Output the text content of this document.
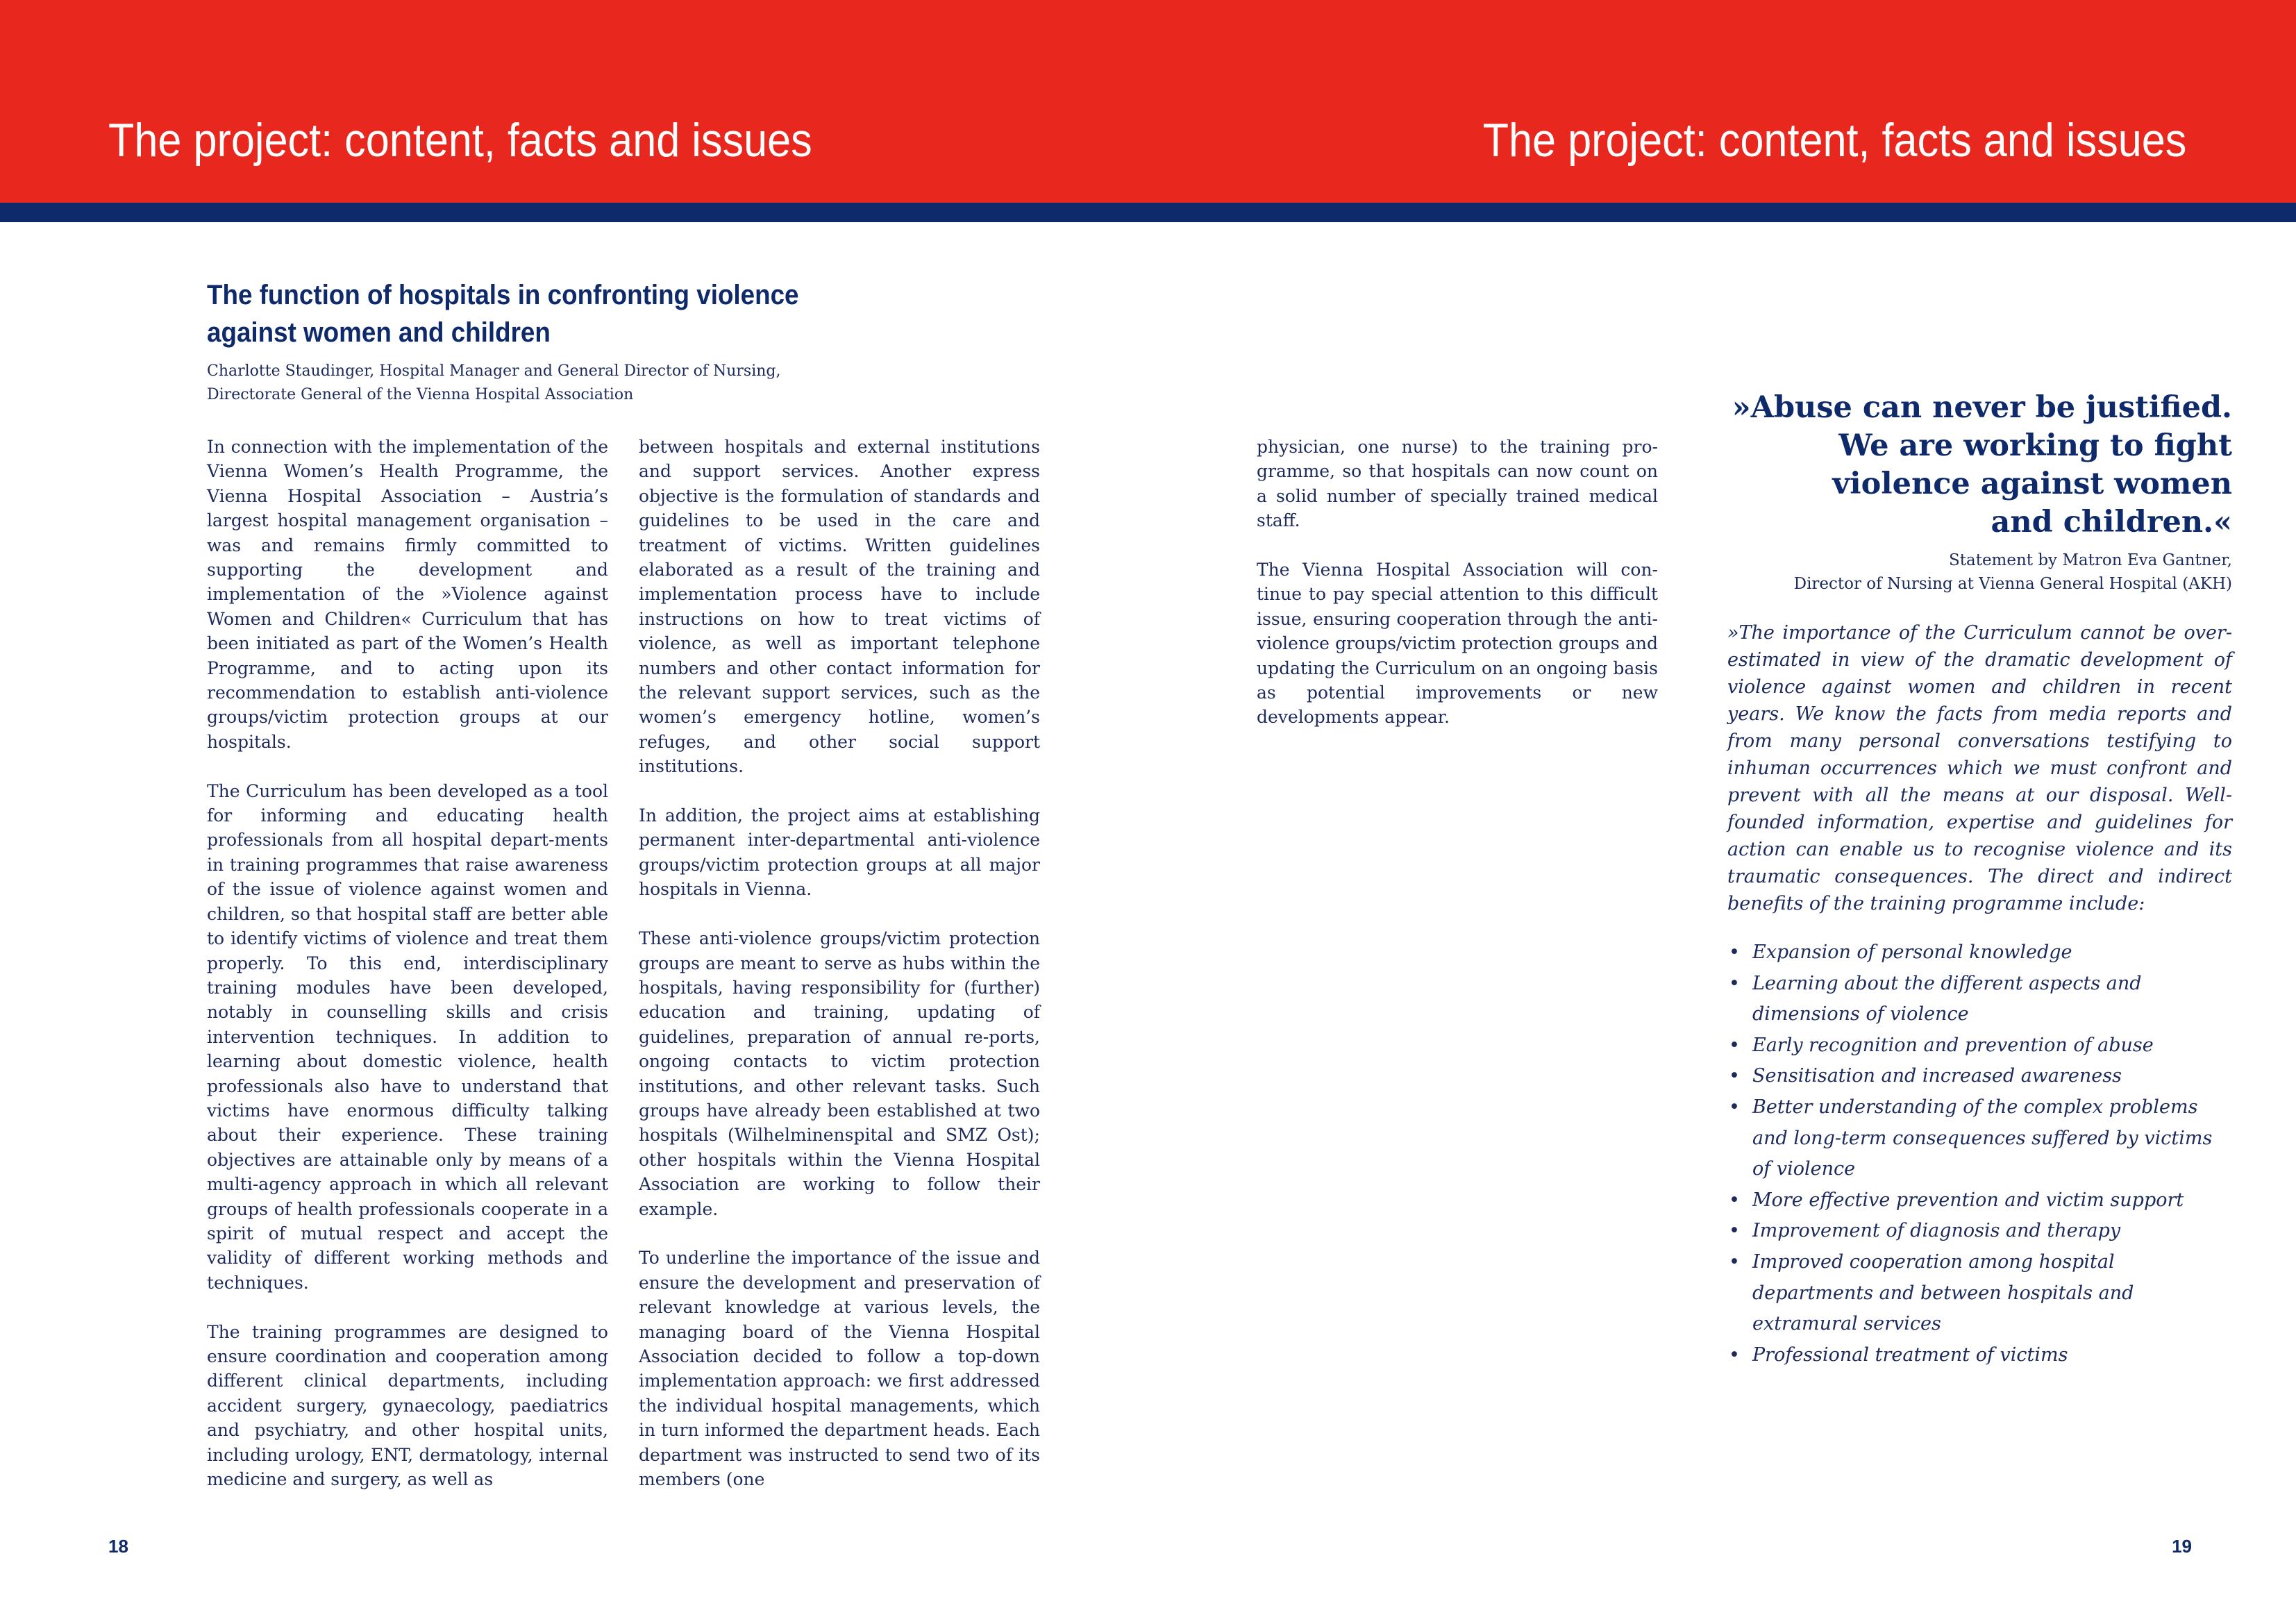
The project: content, facts and issues	The project: content, facts and issues
The function of hospitals in confronting violence against women and children
Charlotte Staudinger, Hospital Manager and General Director of Nursing,
Directorate General of the Vienna Hospital Association

In connection with the implementation of the Vienna Women’s Health Programme, the Vienna Hospital Association – Austria’s largest hospital management organisation – was and remains firmly committed to supporting the development and implementation of the »Violence against Women and Children« Curriculum that has been initiated as part of the Women’s Health Programme, and to acting upon its recommendation to establish anti-violence groups/victim protection groups at our hospitals.

The Curriculum has been developed as a tool for informing and educating health professionals from all hospital depart-ments in training programmes that raise awareness of the issue of violence against women and children, so that hospital staff are better able to identify victims of violence and treat them properly. To this end, interdisciplinary training modules have been developed, notably in counselling skills and crisis intervention techniques. In addition to learning about domestic violence, health professionals also have to understand that victims have enormous difficulty talking about their experience. These training objectives are attainable only by means of a multi-agency approach in which all relevant groups of health professionals cooperate in a spirit of mutual respect and accept the validity of different working methods and techniques.

The training programmes are designed to ensure coordination and cooperation among different clinical departments, including accident surgery, gynaecology, paediatrics and psychiatry, and other hospital units, including urology, ENT, dermatology, internal medicine and surgery, as well as

between hospitals and external institutions and support services. Another express objective is the formulation of standards and guidelines to be used in the care and treatment of victims. Written guidelines elaborated as a result of the training and implementation process have to include instructions on how to treat victims of violence, as well as important telephone numbers and other contact information for the relevant support services, such as the women’s emergency hotline, women’s refuges, and other social support institutions.

In addition, the project aims at establishing permanent inter-departmental anti-violence groups/victim protection groups at all major hospitals in Vienna.

These anti-violence groups/victim protection groups are meant to serve as hubs within the hospitals, having responsibility for (further) education and training, updating of guidelines, preparation of annual re-ports, ongoing contacts to victim protection institutions, and other relevant tasks. Such groups have already been established at two hospitals (Wilhelminenspital and SMZ Ost); other hospitals within the Vienna Hospital Association are working to follow their example.

To underline the importance of the issue and ensure the development and preservation of relevant knowledge at various levels, the managing board of the Vienna Hospital Association decided to follow a top-down implementation approach: we first addressed the individual hospital managements, which in turn informed the department heads. Each department was instructed to send two of its members (one

physician, one nurse) to the training pro-gramme, so that hospitals can now count on a solid number of specially trained medical staff.

The Vienna Hospital Association will con-tinue to pay special attention to this difficult issue, ensuring cooperation through the anti-violence groups/victim protection groups and updating the Curriculum on an ongoing basis as potential improvements or new developments appear.

»Abuse can never be justified.
We are working to fight
violence against women
and children.«
Statement by Matron Eva Gantner,
Director of Nursing at Vienna General Hospital (AKH)
»The importance of the Curriculum cannot be over-estimated in view of the dramatic development of violence against women and children in recent years. We know the facts from media reports and from many personal conversations testifying to inhuman occurrences which we must confront and prevent with all the means at our disposal. Well-founded information, expertise and guidelines for action can enable us to recognise violence and its traumatic consequences. The direct and indirect benefits of the training programme include:
• Expansion of personal knowledge
• Learning about the different aspects and dimensions of violence
• Early recognition and prevention of abuse
• Sensitisation and increased awareness
• Better understanding of the complex problems and long-term consequences suffered by victims of violence
• More effective prevention and victim support
• Improvement of diagnosis and therapy
• Improved cooperation among hospital departments and between hospitals and extramural services
• Professional treatment of victims
18	19
